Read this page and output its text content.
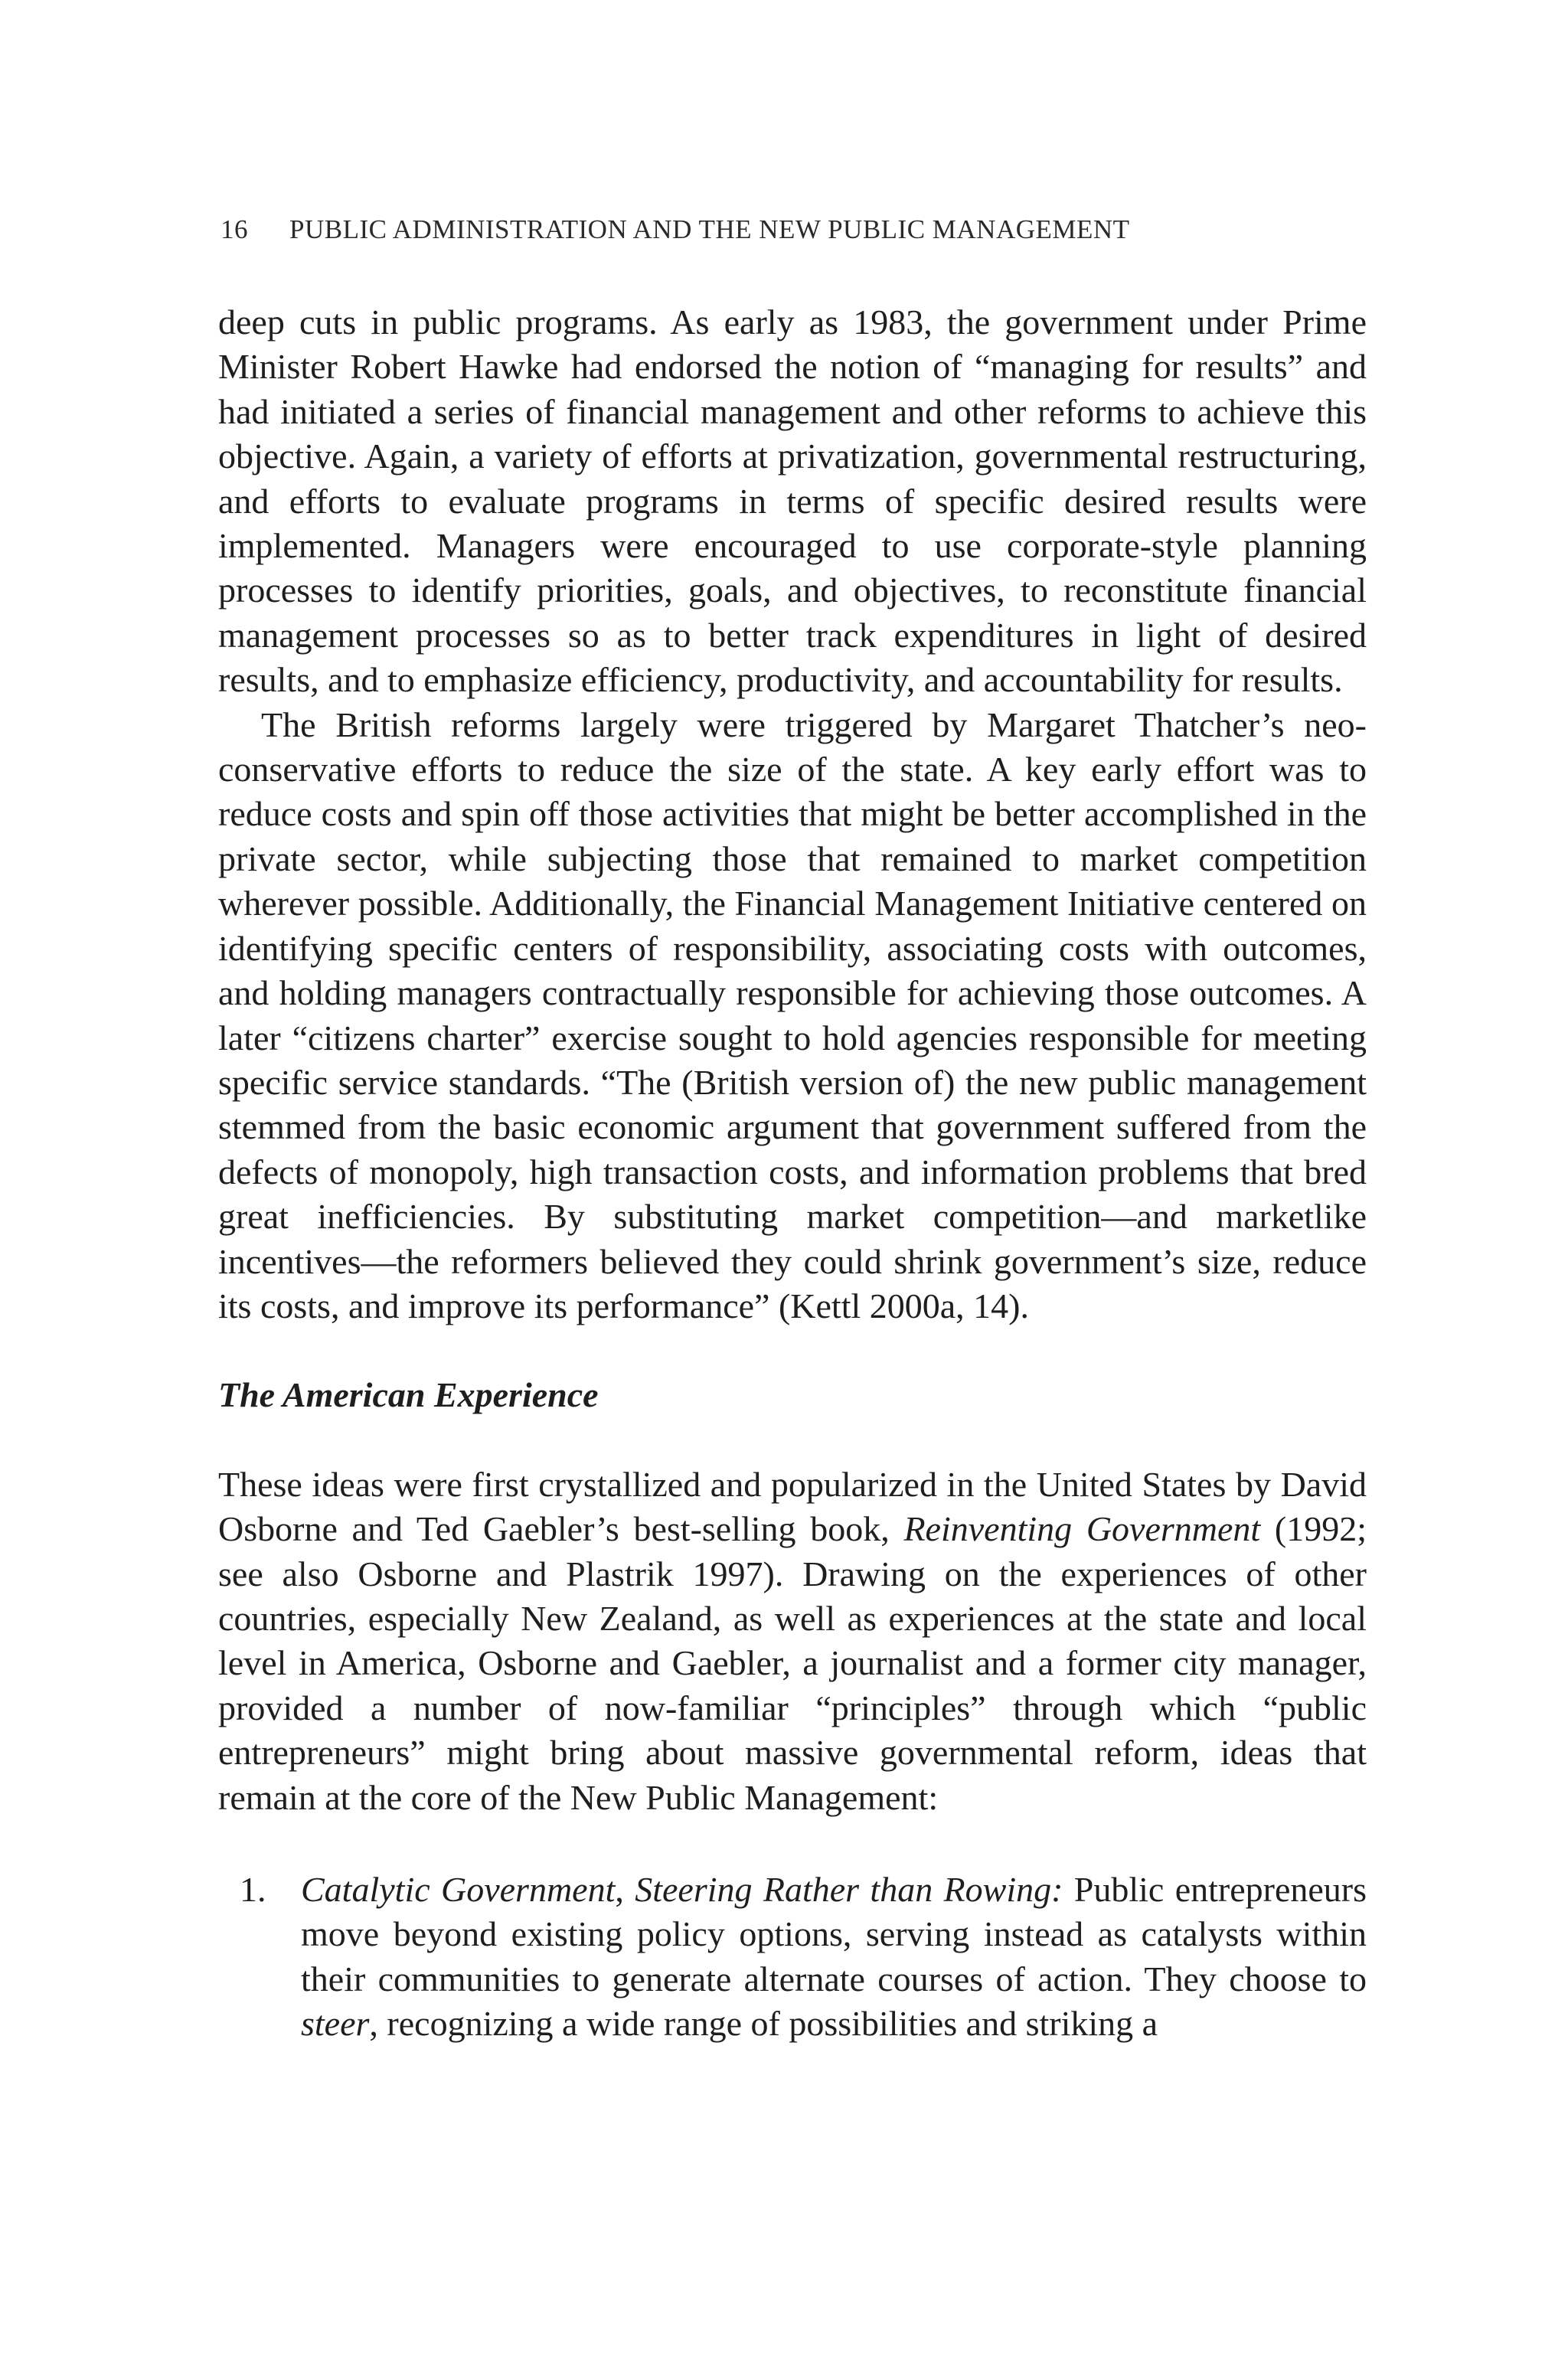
16 PUBLIC ADMINISTRATION AND THE NEW PUBLIC MANAGEMENT

deep cuts in public programs. As early as 1983, the government under Prime Minister Robert Hawke had endorsed the notion of “managing for results” and had initiated a series of financial management and other reforms to achieve this objective. Again, a variety of efforts at privatization, governmental restructuring, and efforts to evaluate programs in terms of specific desired results were implemented. Managers were encouraged to use corporate-style planning processes to identify priorities, goals, and objectives, to reconstitute financial management processes so as to better track expenditures in light of desired results, and to emphasize efficiency, productivity, and accountability for results.

The British reforms largely were triggered by Margaret Thatcher’s neoconservative efforts to reduce the size of the state. A key early effort was to reduce costs and spin off those activities that might be better accomplished in the private sector, while subjecting those that remained to market competition wherever possible. Additionally, the Financial Management Initiative centered on identifying specific centers of responsibility, associating costs with outcomes, and holding managers contractually responsible for achieving those outcomes. A later “citizens charter” exercise sought to hold agencies responsible for meeting specific service standards. “The (British version of) the new public management stemmed from the basic economic argument that government suffered from the defects of monopoly, high transaction costs, and information problems that bred great inefficiencies. By substituting market competition—and marketlike incentives—the reformers believed they could shrink government’s size, reduce its costs, and improve its performance” (Kettl 2000a, 14).

The American Experience

These ideas were first crystallized and popularized in the United States by David Osborne and Ted Gaebler’s best-selling book, Reinventing Government (1992; see also Osborne and Plastrik 1997). Drawing on the experiences of other countries, especially New Zealand, as well as experiences at the state and local level in America, Osborne and Gaebler, a journalist and a former city manager, provided a number of now-familiar “principles” through which “public entrepreneurs” might bring about massive governmental reform, ideas that remain at the core of the New Public Management:

1. Catalytic Government, Steering Rather than Rowing: Public entrepreneurs move beyond existing policy options, serving instead as catalysts within their communities to generate alternate courses of action. They choose to steer, recognizing a wide range of possibilities and striking a
